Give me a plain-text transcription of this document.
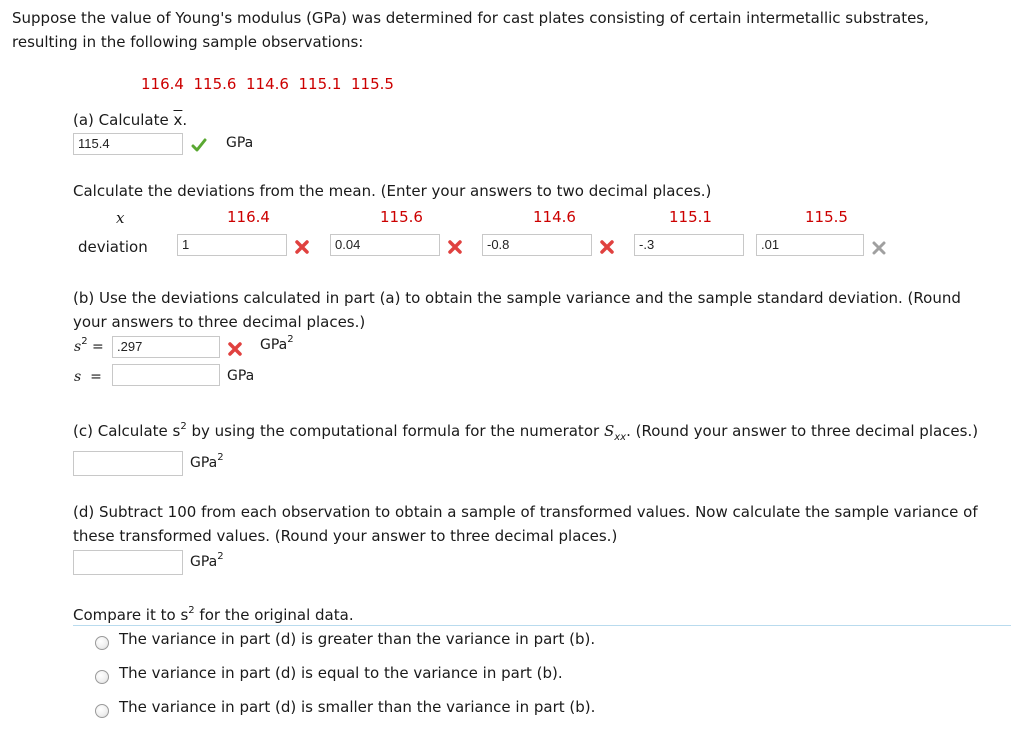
Suppose the value of Young's modulus (GPa) was determined for cast plates consisting of certain intermetallic substrates,
resulting in the following sample observations:
116.4 115.6 114.6 115.1 115.5
(a) Calculate $\overline{x}$.
115.4	GPa
Calculate the deviations from the mean. (Enter your answers to two decimal places.)
x	116.4	115.6	114.6	115.1	115.5
deviation	1	0.04	-0.8	-.3	.01
(b) Use the deviations calculated in part (a) to obtain the sample variance and the sample standard deviation. (Round
your answers to three decimal places.)
$s^2$ =	.297	GPa$^2$
s =	GPa
(c) Calculate $s^2$ by using the computational formula for the numerator $S_{xx}$. (Round your answer to three decimal places.)
GPa$^2$
(d) Subtract 100 from each observation to obtain a sample of transformed values. Now calculate the sample variance of
these transformed values. (Round your answer to three decimal places.)
GPa$^2$
Compare it to $s^2$ for the original data.
The variance in part (d) is greater than the variance in part (b).
The variance in part (d) is equal to the variance in part (b).
The variance in part (d) is smaller than the variance in part (b).
